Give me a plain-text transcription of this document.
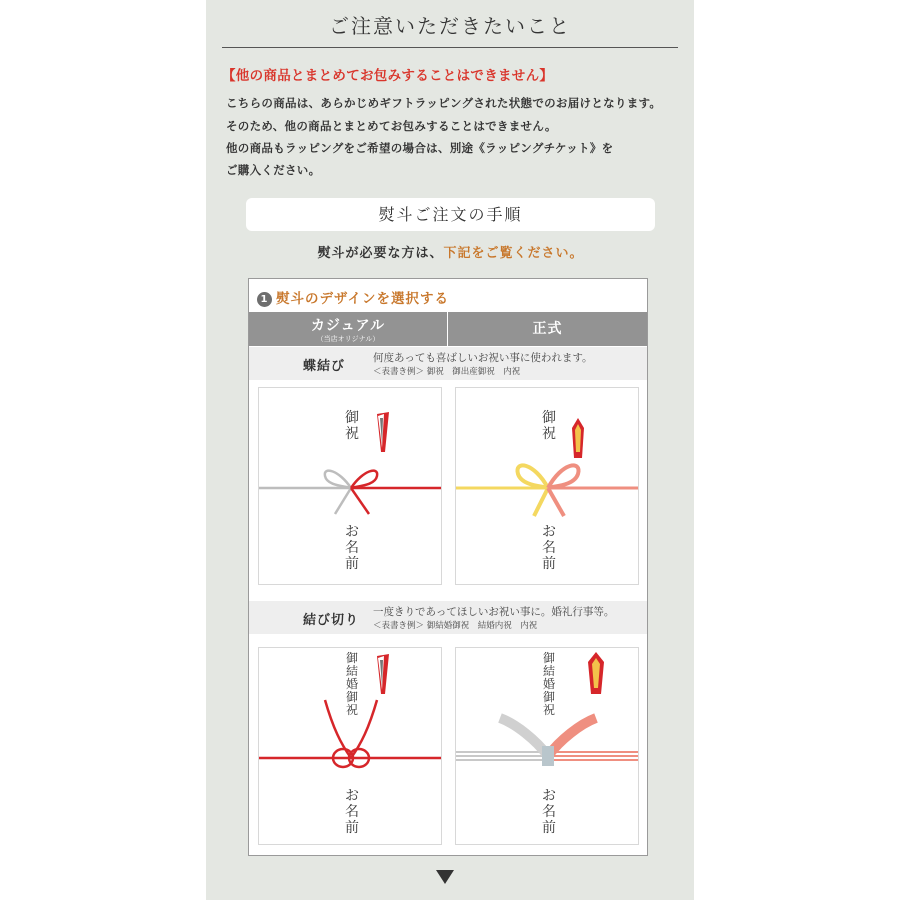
ご注意いただきたいこと
【他の商品とまとめてお包みすることはできません】
こちらの商品は、あらかじめギフトラッピングされた状態でのお届けとなります。
そのため、他の商品とまとめてお包みすることはできません。
他の商品もラッピングをご希望の場合は、別途《ラッピングチケット》を
ご購入ください。
熨斗ご注文の手順
熨斗が必要な方は、下記をご覧ください。
1 熨斗のデザインを選択する
カジュアル
（当店オリジナル）
正式
蝶結び
何度あっても喜ばしいお祝い事に使われます。
＜表書き例＞ 御祝　御出産御祝　内祝
御
祝
お
名
前
御
祝
お
名
前
結び切り
一度きりであってほしいお祝い事に。婚礼行事等。
＜表書き例＞ 御結婚御祝　結婚内祝　内祝
御
結
婚
御
祝
お
名
前
御
結
婚
御
祝
お
名
前
